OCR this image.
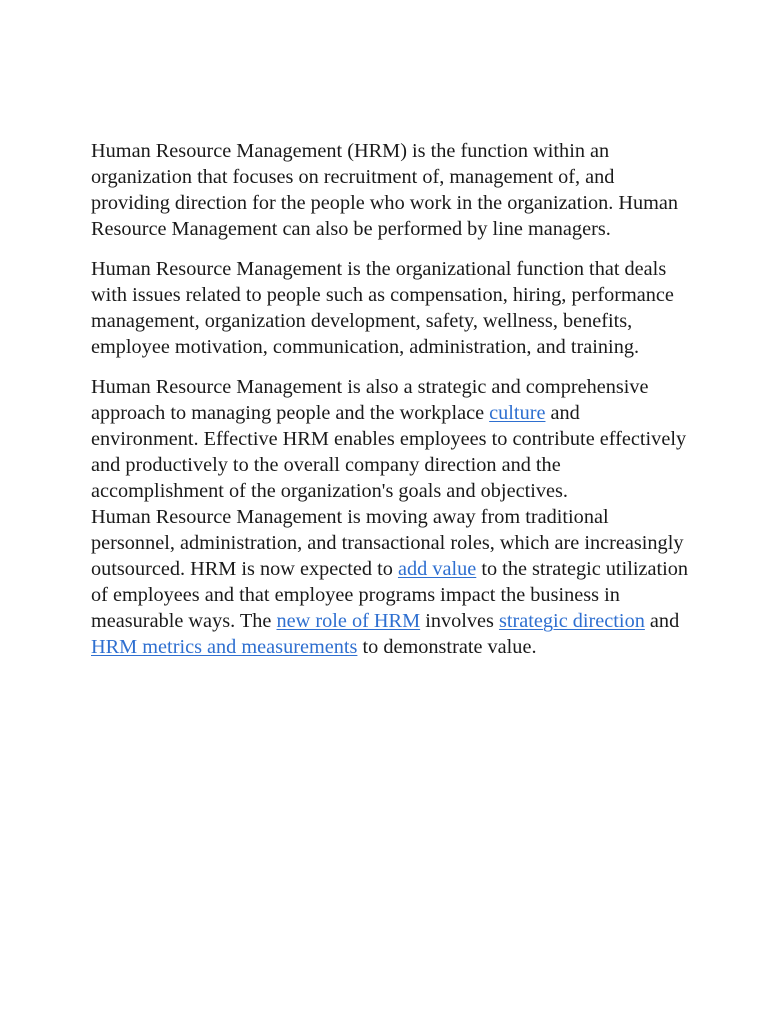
Human Resource Management (HRM) is the function within an organization that focuses on recruitment of, management of, and providing direction for the people who work in the organization. Human Resource Management can also be performed by line managers.

Human Resource Management is the organizational function that deals with issues related to people such as compensation, hiring, performance management, organization development, safety, wellness, benefits, employee motivation, communication, administration, and training.

Human Resource Management is also a strategic and comprehensive approach to managing people and the workplace culture and environment. Effective HRM enables employees to contribute effectively and productively to the overall company direction and the accomplishment of the organization's goals and objectives.

Human Resource Management is moving away from traditional personnel, administration, and transactional roles, which are increasingly outsourced. HRM is now expected to add value to the strategic utilization of employees and that employee programs impact the business in measurable ways. The new role of HRM involves strategic direction and HRM metrics and measurements to demonstrate value.
